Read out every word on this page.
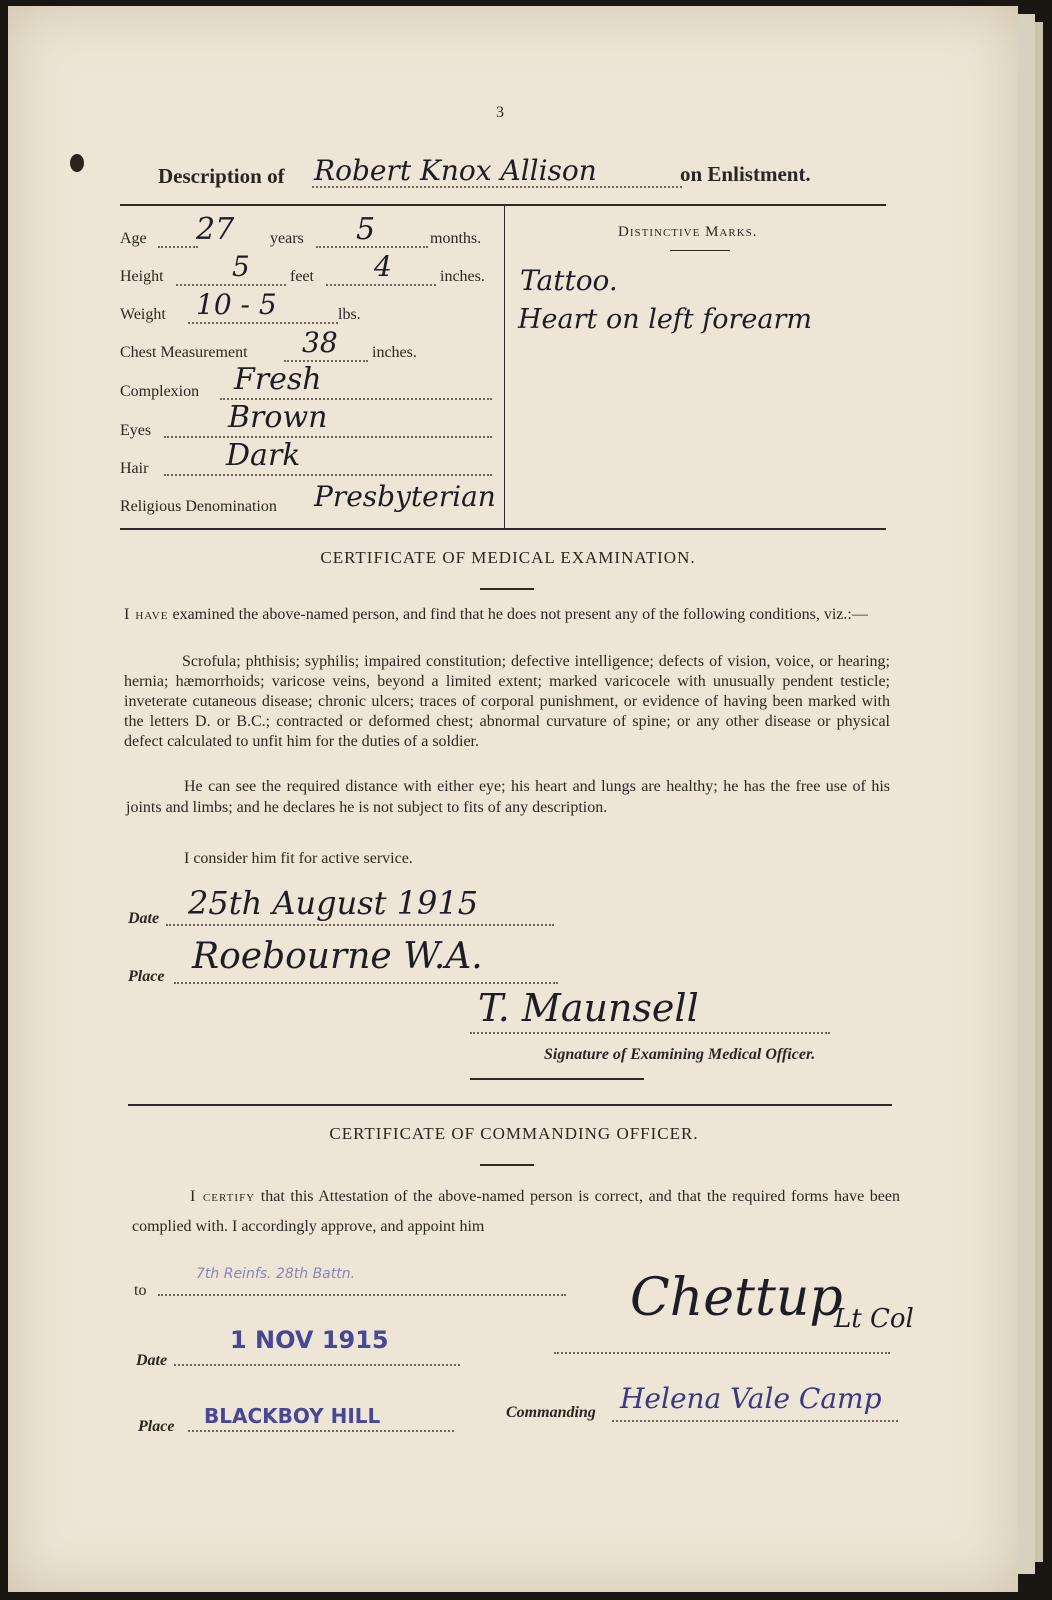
3
Description of Robert Knox Allison	on Enlistment.
Age 27 years 5	months.
Height 5	feet 4	inches.
Weight 10 - 5	lbs.
Chest Measurement 38 inches.
Complexion Fresh
Eyes	Brown
Hair	Dark
Religious Denomination Presbyterian
Distinctive Marks.
Tattoo.
Heart on left forearm
CERTIFICATE OF MEDICAL EXAMINATION.
I have examined the above-named person, and find that he does not present any of the following conditions, viz.:—
Scrofula; phthisis; syphilis; impaired constitution; defective intelligence; defects of vision, voice, or hearing; hernia; hæmorrhoids; varicose veins, beyond a limited extent; marked varicocele with unusually pendent testicle; inveterate cutaneous disease; chronic ulcers; traces of corporal punishment, or evidence of having been marked with the letters D. or B.C.; contracted or deformed chest; abnormal curvature of spine; or any other disease or physical defect calculated to unfit him for the duties of a soldier.
He can see the required distance with either eye; his heart and lungs are healthy; he has the free use of his joints and limbs; and he declares he is not subject to fits of any description.
I consider him fit for active service.
Date 25th August 1915
Place Roebourne W.A.
T. Maunsell
Signature of Examining Medical Officer.
CERTIFICATE OF COMMANDING OFFICER.
I certify that this Attestation of the above-named person is correct, and that the required forms have been complied with. I accordingly approve, and appoint him
to
7th Reinfs. 28th Battn.
Date
1 NOV 1915
Place BLACKBOY HILL
Chettup
Lt Col
Commanding Helena Vale Camp
